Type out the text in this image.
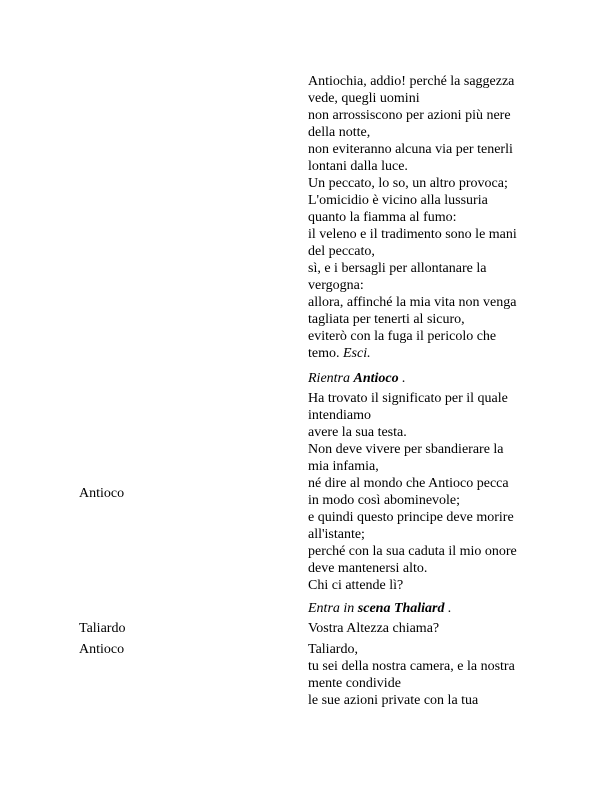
Antiochia, addio! perché la saggezza
vede, quegli uomini
non arrossiscono per azioni più nere
della notte,
non eviteranno alcuna via per tenerli
lontani dalla luce.
Un peccato, lo so, un altro provoca;
L'omicidio è vicino alla lussuria
quanto la fiamma al fumo:
il veleno e il tradimento sono le mani
del peccato,
sì, e i bersagli per allontanare la
vergogna:
allora, affinché la mia vita non venga
tagliata per tenerti al sicuro,
eviterò con la fuga il pericolo che
temo. Esci.
Rientra Antioco .
Antioco
Ha trovato il significato per il quale
intendiamo
avere la sua testa.
Non deve vivere per sbandierare la
mia infamia,
né dire al mondo che Antioco pecca
in modo così abominevole;
e quindi questo principe deve morire
all'istante;
perché con la sua caduta il mio onore
deve mantenersi alto.
Chi ci attende lì?
Entra in scena Thaliard .
Taliardo	Vostra Altezza chiama?
Antioco	Taliardo,
tu sei della nostra camera, e la nostra
mente condivide
le sue azioni private con la tua
